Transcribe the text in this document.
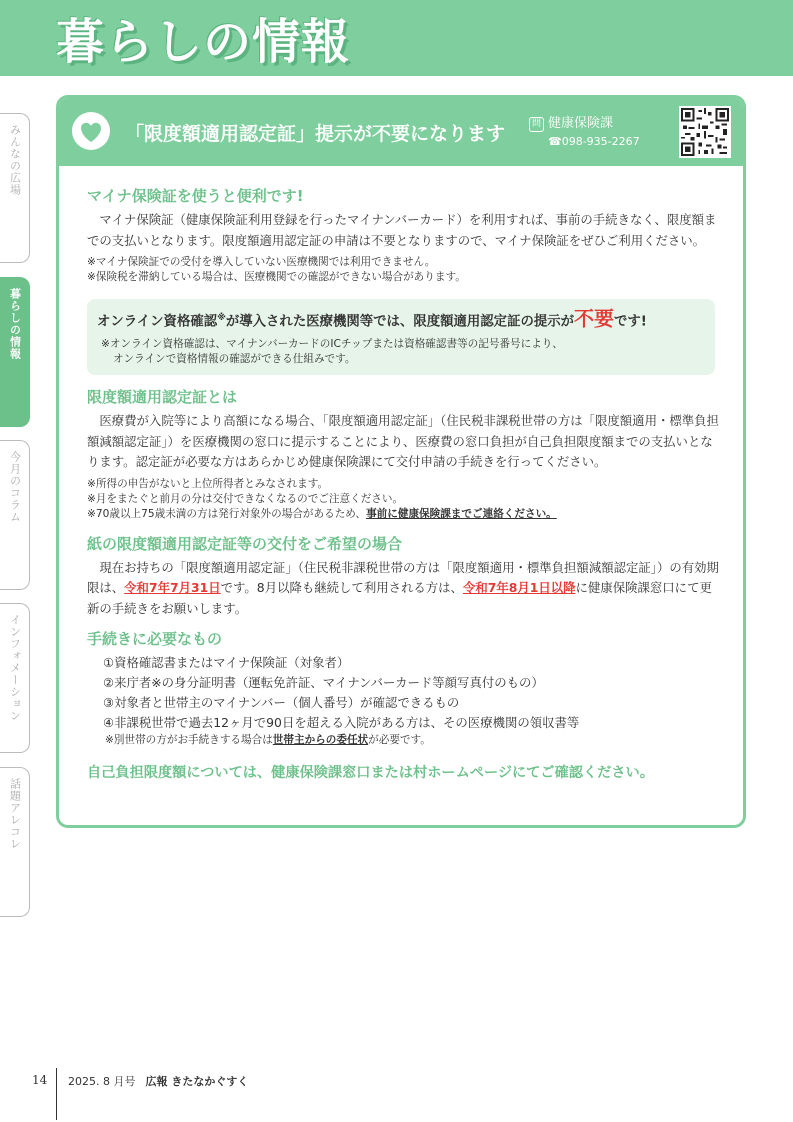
暮らしの情報
みんなの広場
暮らしの情報
今月のコラム
インフォメーション
話題アレコレ
「限度額適用認定証」提示が不要になります	問 健康保険課
☎098-935-2267
マイナ保険証を使うと便利です!

マイナ保険証（健康保険証利用登録を行ったマイナンバーカード）を利用すれば、事前の手続きなく、限度額までの支払いとなります。限度額適用認定証の申請は不要となりますので、マイナ保険証をぜひご利用ください。

※マイナ保険証での受付を導入していない医療機関では利用できません。
※保険税を滞納している場合は、医療機関での確認ができない場合があります。
オンライン資格確認※が導入された医療機関等では、限度額適用認定証の提示が不要です!
※オンライン資格確認は、マイナンバーカードのICチップまたは資格確認書等の記号番号により、
オンラインで資格情報の確認ができる仕組みです。
限度額適用認定証とは

医療費が入院等により高額になる場合、「限度額適用認定証」（住民税非課税世帯の方は「限度額適用・標準負担額減額認定証」）を医療機関の窓口に提示することにより、医療費の窓口負担が自己負担限度額までの支払いとなります。認定証が必要な方はあらかじめ健康保険課にて交付申請の手続きを行ってください。

※所得の申告がないと上位所得者とみなされます。
※月をまたぐと前月の分は交付できなくなるのでご注意ください。
※70歳以上75歳未満の方は発行対象外の場合があるため、事前に健康保険課までご連絡ください。
紙の限度額適用認定証等の交付をご希望の場合

現在お持ちの「限度額適用認定証」（住民税非課税世帯の方は「限度額適用・標準負担額減額認定証」）の有効期限は、令和7年7月31日です。8月以降も継続して利用される方は、令和7年8月1日以降に健康保険課窓口にて更新の手続きをお願いします。

手続きに必要なもの
①資格確認書またはマイナ保険証（対象者）
②来庁者※の身分証明書（運転免許証、マイナンバーカード等顔写真付のもの）
③対象者と世帯主のマイナンバー（個人番号）が確認できるもの
④非課税世帯で過去12ヶ月で90日を超える入院がある方は、その医療機関の領収書等
※別世帯の方がお手続きする場合は世帯主からの委任状が必要です。
自己負担限度額については、健康保険課窓口または村ホームページにてご確認ください。
14 2025. 8 月号 広報 きたなかぐすく
